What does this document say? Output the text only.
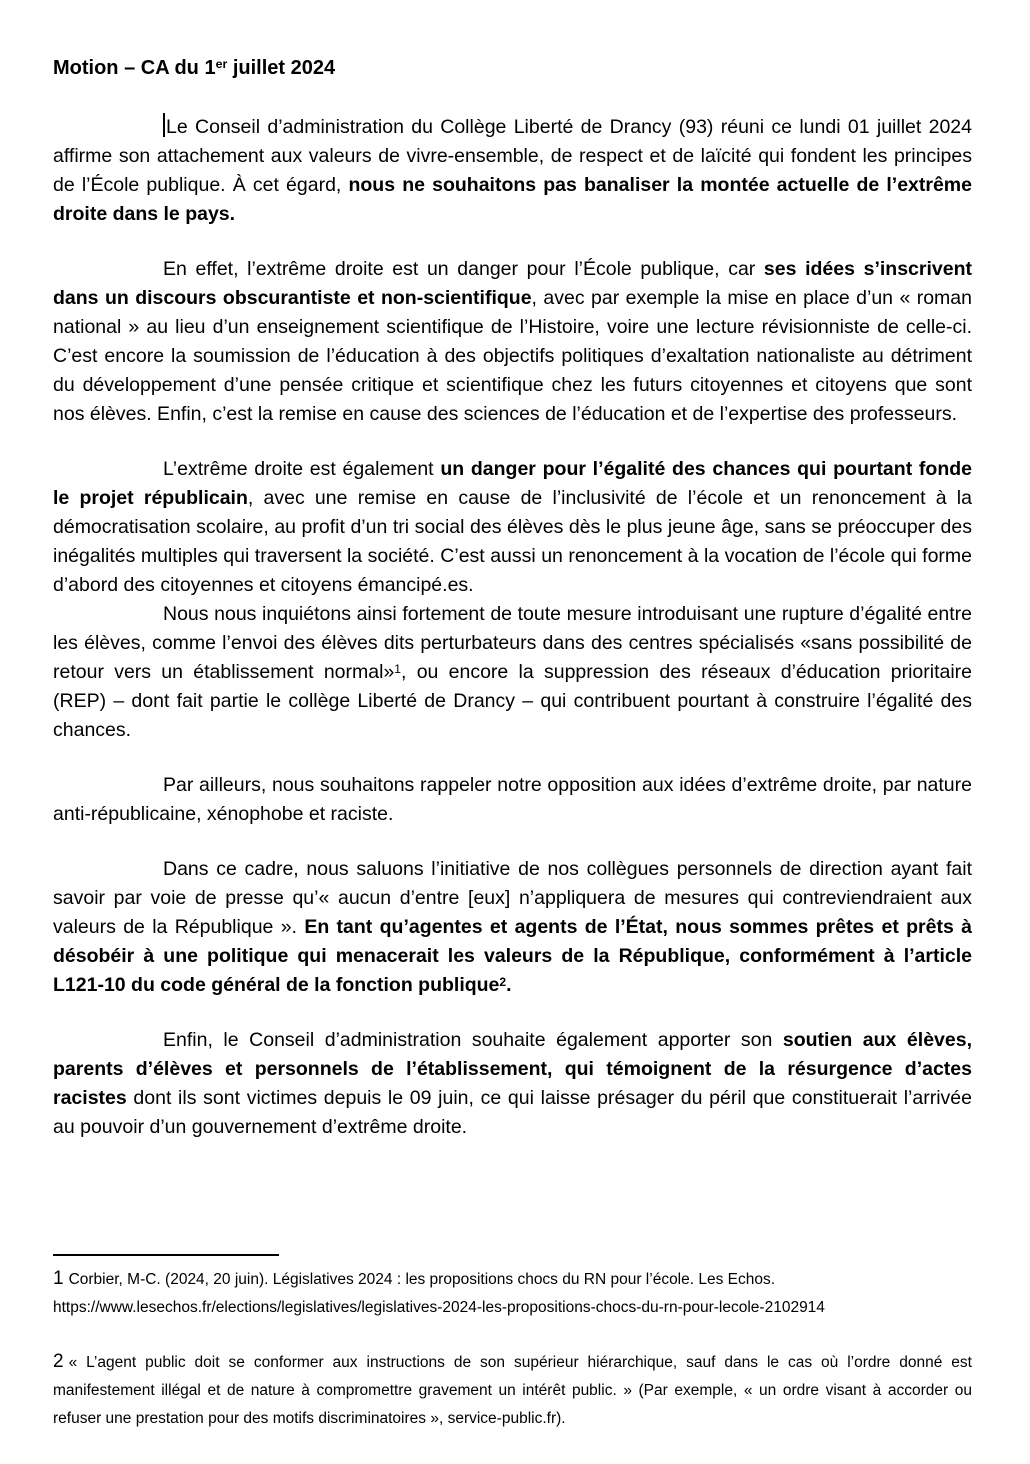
Motion – CA du 1er juillet 2024

Le Conseil d’administration du Collège Liberté de Drancy (93) réuni ce lundi 01 juillet 2024 affirme son attachement aux valeurs de vivre-ensemble, de respect et de laïcité qui fondent les principes de l’École publique. À cet égard, nous ne souhaitons pas banaliser la montée actuelle de l’extrême droite dans le pays.

En effet, l’extrême droite est un danger pour l’École publique, car ses idées s’inscrivent dans un discours obscurantiste et non-scientifique, avec par exemple la mise en place d’un « roman national » au lieu d’un enseignement scientifique de l’Histoire, voire une lecture révisionniste de celle-ci. C’est encore la soumission de l’éducation à des objectifs politiques d’exaltation nationaliste au détriment du développement d’une pensée critique et scientifique chez les futurs citoyennes et citoyens que sont nos élèves. Enfin, c’est la remise en cause des sciences de l’éducation et de l’expertise des professeurs.

L’extrême droite est également un danger pour l’égalité des chances qui pourtant fonde le projet républicain, avec une remise en cause de l’inclusivité de l’école et un renoncement à la démocratisation scolaire, au profit d’un tri social des élèves dès le plus jeune âge, sans se préoccuper des inégalités multiples qui traversent la société. C’est aussi un renoncement à la vocation de l’école qui forme d’abord des citoyennes et citoyens émancipé.es.

Nous nous inquiétons ainsi fortement de toute mesure introduisant une rupture d’égalité entre les élèves, comme l’envoi des élèves dits perturbateurs dans des centres spécialisés «sans possibilité de retour vers un établissement normal»$^1$, ou encore la suppression des réseaux d’éducation prioritaire (REP) – dont fait partie le collège Liberté de Drancy – qui contribuent pourtant à construire l’égalité des chances.

Par ailleurs, nous souhaitons rappeler notre opposition aux idées d’extrême droite, par nature anti-républicaine, xénophobe et raciste.

Dans ce cadre, nous saluons l’initiative de nos collègues personnels de direction ayant fait savoir par voie de presse qu’« aucun d’entre [eux] n’appliquera de mesures qui contreviendraient aux valeurs de la République ». En tant qu’agentes et agents de l’État, nous sommes prêtes et prêts à désobéir à une politique qui menacerait les valeurs de la République, conformément à l’article L121-10 du code général de la fonction publique$^2$.

Enfin, le Conseil d’administration souhaite également apporter son soutien aux élèves, parents d’élèves et personnels de l’établissement, qui témoignent de la résurgence d’actes racistes dont ils sont victimes depuis le 09 juin, ce qui laisse présager du péril que constituerait l’arrivée au pouvoir d’un gouvernement d’extrême droite.

1 Corbier, M-C. (2024, 20 juin). Législatives 2024 : les propositions chocs du RN pour l’école. Les Echos.
https://www.lesechos.fr/elections/legislatives/legislatives-2024-les-propositions-chocs-du-rn-pour-lecole-2102914

2 « L’agent public doit se conformer aux instructions de son supérieur hiérarchique, sauf dans le cas où l’ordre donné est manifestement illégal et de nature à compromettre gravement un intérêt public. » (Par exemple, « un ordre visant à accorder ou refuser une prestation pour des motifs discriminatoires », service-public.fr).
